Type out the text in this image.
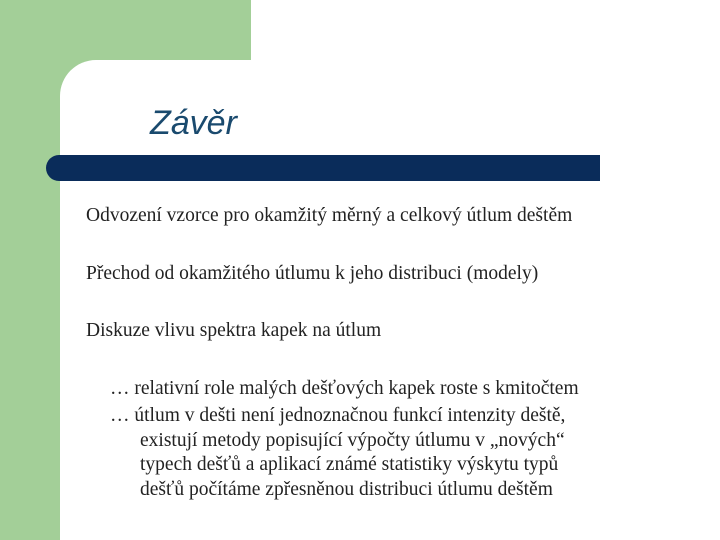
Závěr

Odvození vzorce pro okamžitý měrný a celkový útlum deštěm

Přechod od okamžitého útlumu k jeho distribuci (modely)

Diskuze vlivu spektra kapek na útlum

… relativní role malých dešťových kapek roste s kmitočtem
… útlum v dešti není jednoznačnou funkcí intenzity deště,
existují metody popisující výpočty útlumu v „nových“
typech dešťů a aplikací známé statistiky výskytu typů
dešťů počítáme zpřesněnou distribuci útlumu deštěm
